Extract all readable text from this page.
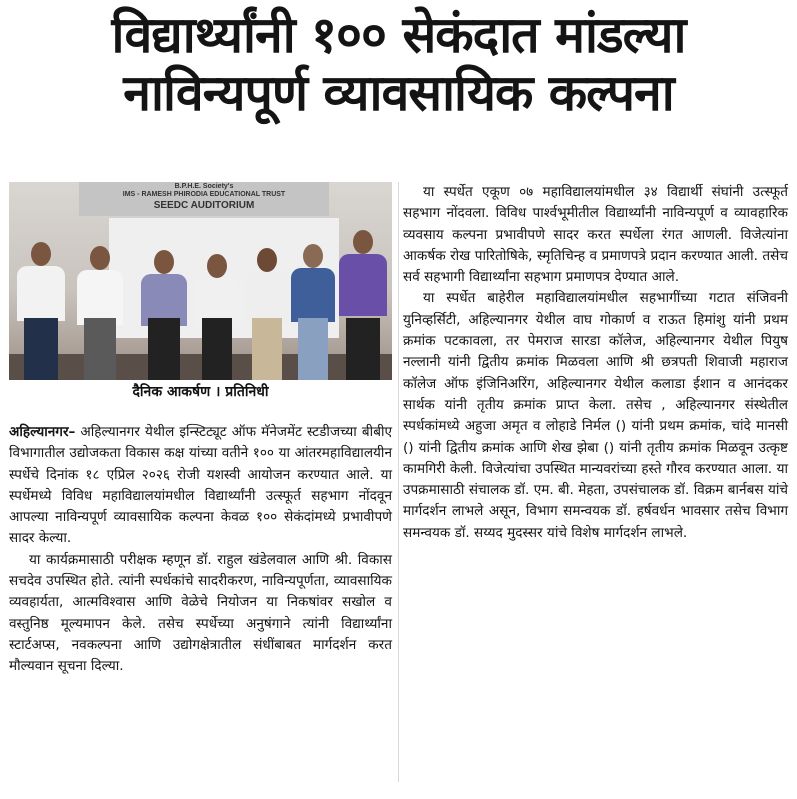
विद्यार्थ्यांनी १०० सेकंदात मांडल्या
नाविन्यपूर्ण व्यावसायिक कल्पना
B.P.H.E. Society's
IMS - RAMESH PHIRODIA EDUCATIONAL TRUST
SEEDC AUDITORIUM
दैनिक आकर्षण । प्रतिनिधी

अहिल्यानगर– अहिल्यानगर येथील इन्स्टिट्यूट ऑफ मॅनेजमेंट स्टडीजच्या बीबीए विभागातील उद्योजकता विकास कक्ष यांच्या वतीने १०० या आंतरमहाविद्यालयीन स्पर्धेचे दिनांक १८ एप्रिल २०२६ रोजी यशस्वी आयोजन करण्यात आले. या स्पर्धेमध्ये विविध महाविद्यालयांमधील विद्यार्थ्यांनी उत्स्फूर्त सहभाग नोंदवून आपल्या नाविन्यपूर्ण व्यावसायिक कल्पना केवळ १०० सेकंदांमध्ये प्रभावीपणे सादर केल्या.

या कार्यक्रमासाठी परीक्षक म्हणून डॉ. राहुल खंडेलवाल आणि श्री. विकास सचदेव उपस्थित होते. त्यांनी स्पर्धकांचे सादरीकरण, नाविन्यपूर्णता, व्यावसायिक व्यवहार्यता, आत्मविश्वास आणि वेळेचे नियोजन या निकषांवर सखोल व वस्तुनिष्ठ मूल्यमापन केले. तसेच स्पर्धेच्या अनुषंगाने त्यांनी विद्यार्थ्यांना स्टार्टअप्स, नवकल्पना आणि उद्योगक्षेत्रातील संधींबाबत मार्गदर्शन करत मौल्यवान सूचना दिल्या.

या स्पर्धेत एकूण ०७ महाविद्यालयांमधील ३४ विद्यार्थी संघांनी उत्स्फूर्त सहभाग नोंदवला. विविध पार्श्वभूमीतील विद्यार्थ्यांनी नाविन्यपूर्ण व व्यावहारिक व्यवसाय कल्पना प्रभावीपणे सादर करत स्पर्धेला रंगत आणली. विजेत्यांना आकर्षक रोख पारितोषिके, स्मृतिचिन्ह व प्रमाणपत्रे प्रदान करण्यात आली. तसेच सर्व सहभागी विद्यार्थ्यांना सहभाग प्रमाणपत्र देण्यात आले.

या स्पर्धेत बाहेरील महाविद्यालयांमधील सहभागींच्या गटात संजिवनी युनिव्हर्सिटी, अहिल्यानगर येथील वाघ गोकार्ण व राऊत हिमांशु यांनी प्रथम क्रमांक पटकावला, तर पेमराज सारडा कॉलेज, अहिल्यानगर येथील पियुष नल्लानी यांनी द्वितीय क्रमांक मिळवला आणि श्री छत्रपती शिवाजी महाराज कॉलेज ऑफ इंजिनिअरिंग, अहिल्यानगर येथील कलाडा ईशान व आनंदकर सार्थक यांनी तृतीय क्रमांक प्राप्त केला. तसेच , अहिल्यानगर संस्थेतील स्पर्धकांमध्ये अहुजा अमृत व लोहाडे निर्मल () यांनी प्रथम क्रमांक, चांदे मानसी () यांनी द्वितीय क्रमांक आणि शेख झेबा () यांनी तृतीय क्रमांक मिळवून उत्कृष्ट कामगिरी केली. विजेत्यांचा उपस्थित मान्यवरांच्या हस्ते गौरव करण्यात आला. या उपक्रमासाठी संचालक डॉ. एम. बी. मेहता, उपसंचालक डॉ. विक्रम बार्नबस यांचे मार्गदर्शन लाभले असून, विभाग समन्वयक डॉ. हर्षवर्धन भावसार तसेच विभाग समन्वयक डॉ. सय्यद मुदस्सर यांचे विशेष मार्गदर्शन लाभले.
